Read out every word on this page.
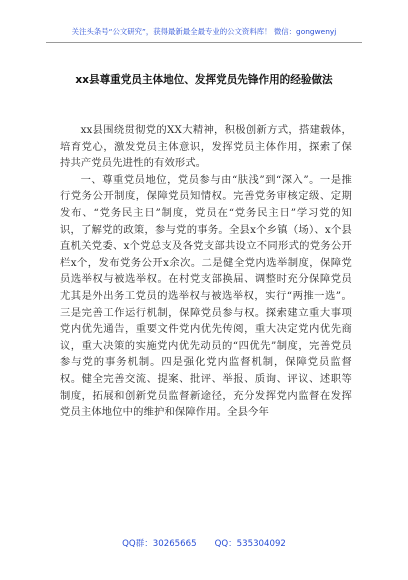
关注头条号“公文研究”，获得最新最全最专业的公文资料库！ 微信：gongwenyj
xx县尊重党员主体地位、发挥党员先锋作用的经验做法

xx县围绕贯彻党的XX大精神，积极创新方式，搭建载体，培育党心，激发党员主体意识，发挥党员主体作用，探索了保持共产党员先进性的有效形式。

一、尊重党员地位，党员参与由“肤浅”到“深入”。一是推行党务公开制度，保障党员知情权。完善党务审核定级、定期发布、“党务民主日”制度，党员在“党务民主日”学习党的知识，了解党的政策，参与党的事务。全县x个乡镇（场）、x个县直机关党委、x个党总支及各党支部共设立不同形式的党务公开栏x个，发布党务公开x余次。二是健全党内选举制度，保障党员选举权与被选举权。在村党支部换届、调整时充分保障党员尤其是外出务工党员的选举权与被选举权，实行“两推一选”。三是完善工作运行机制，保障党员参与权。探索建立重大事项党内优先通告，重要文件党内优先传阅，重大决定党内优先商议，重大决策的实施党内优先动员的“四优先”制度，完善党员参与党的事务机制。四是强化党内监督机制，保障党员监督权。健全完善交流、提案、批评、举报、质询、评议、述职等制度，拓展和创新党员监督新途径，充分发挥党内监督在发挥党员主体地位中的维护和保障作用。全县今年

QQ群：30265665 QQ：535304092
